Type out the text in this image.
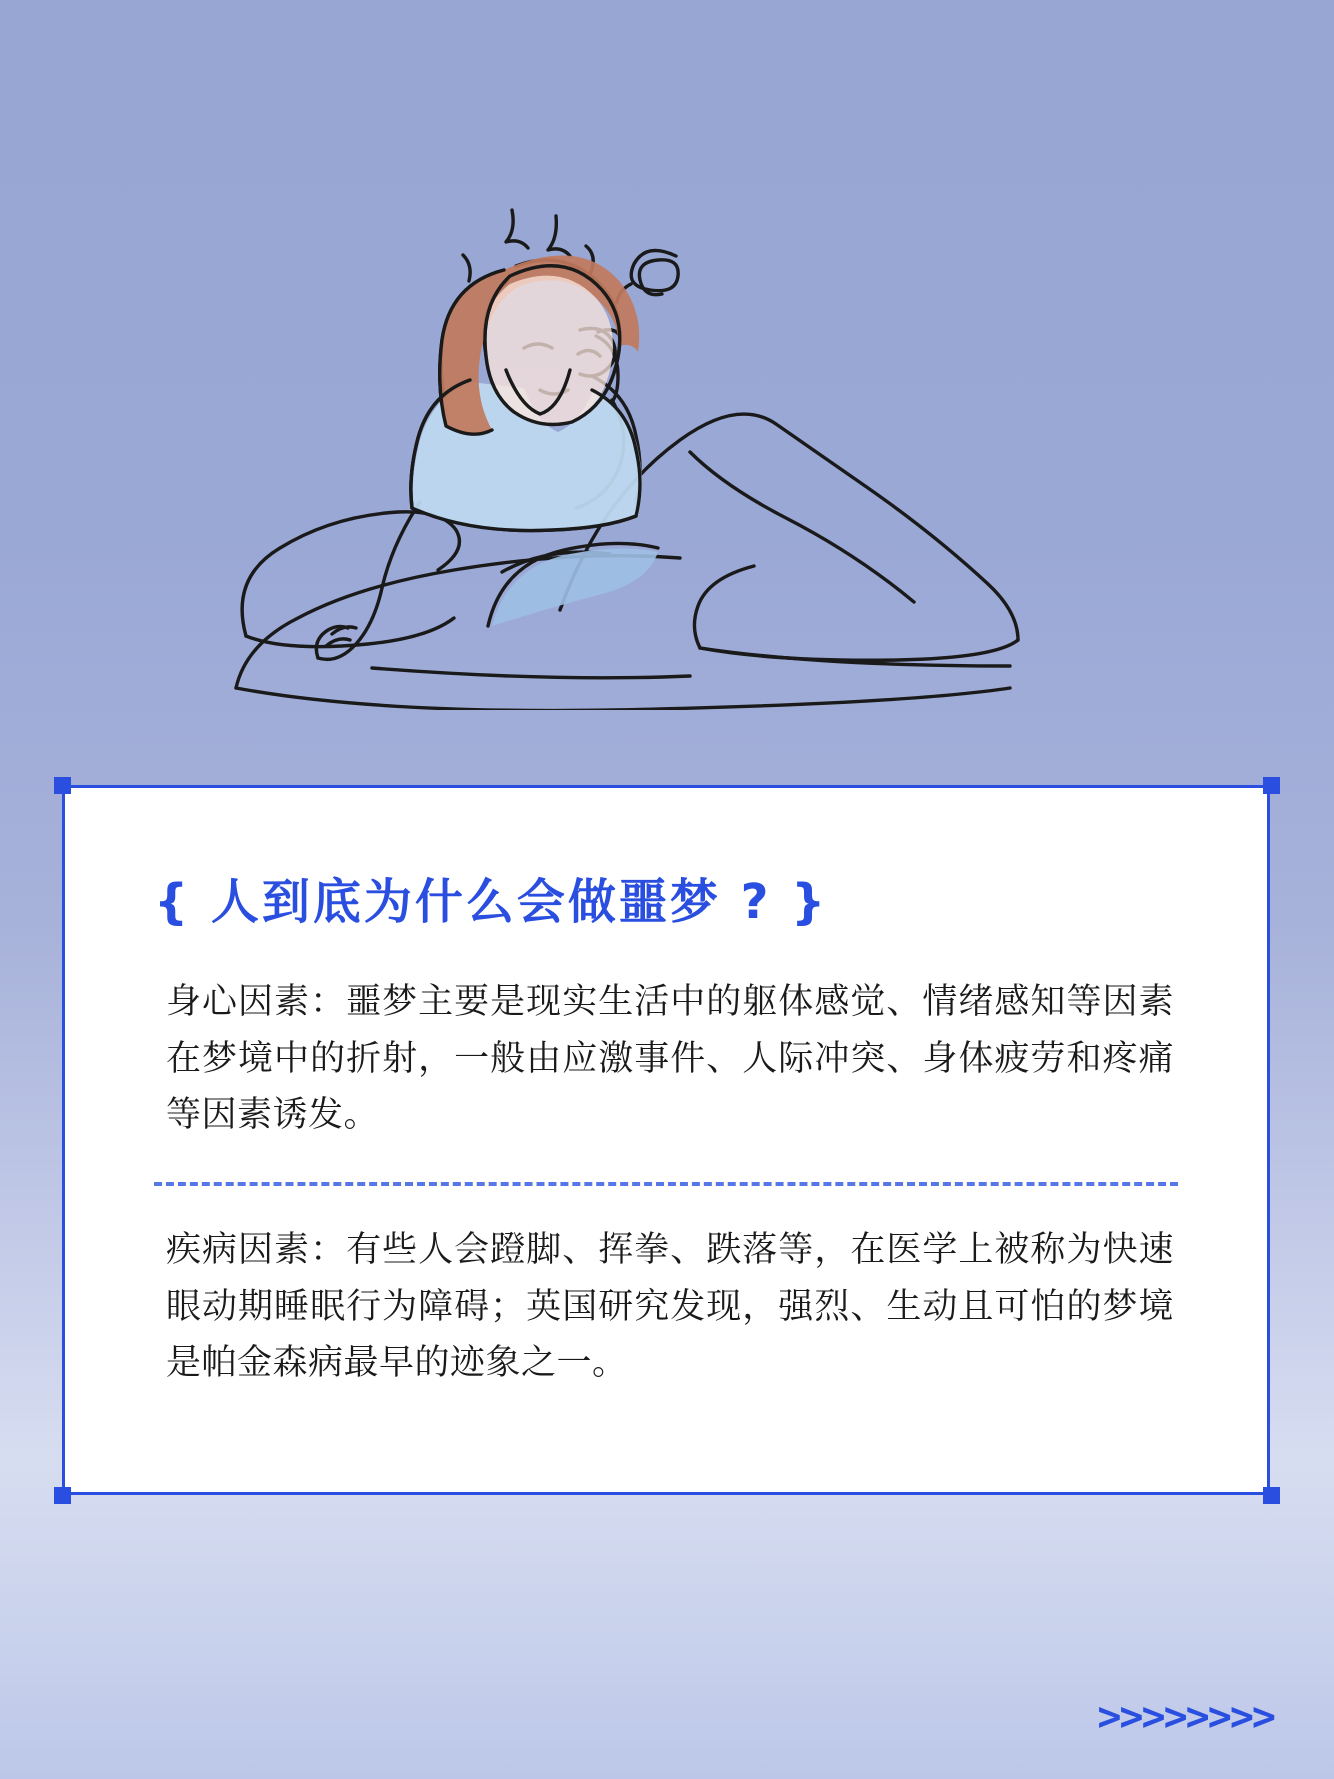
{ 人到底为什么会做噩梦 ? }
身心因素：噩梦主要是现实生活中的躯体感觉、情绪感知等因素在梦境中的折射，一般由应激事件、人际冲突、身体疲劳和疼痛等因素诱发。
疾病因素：有些人会蹬脚、挥拳、跌落等，在医学上被称为快速眼动期睡眠行为障碍；英国研究发现，强烈、生动且可怕的梦境是帕金森病最早的迹象之一。
>>>>>>>>
